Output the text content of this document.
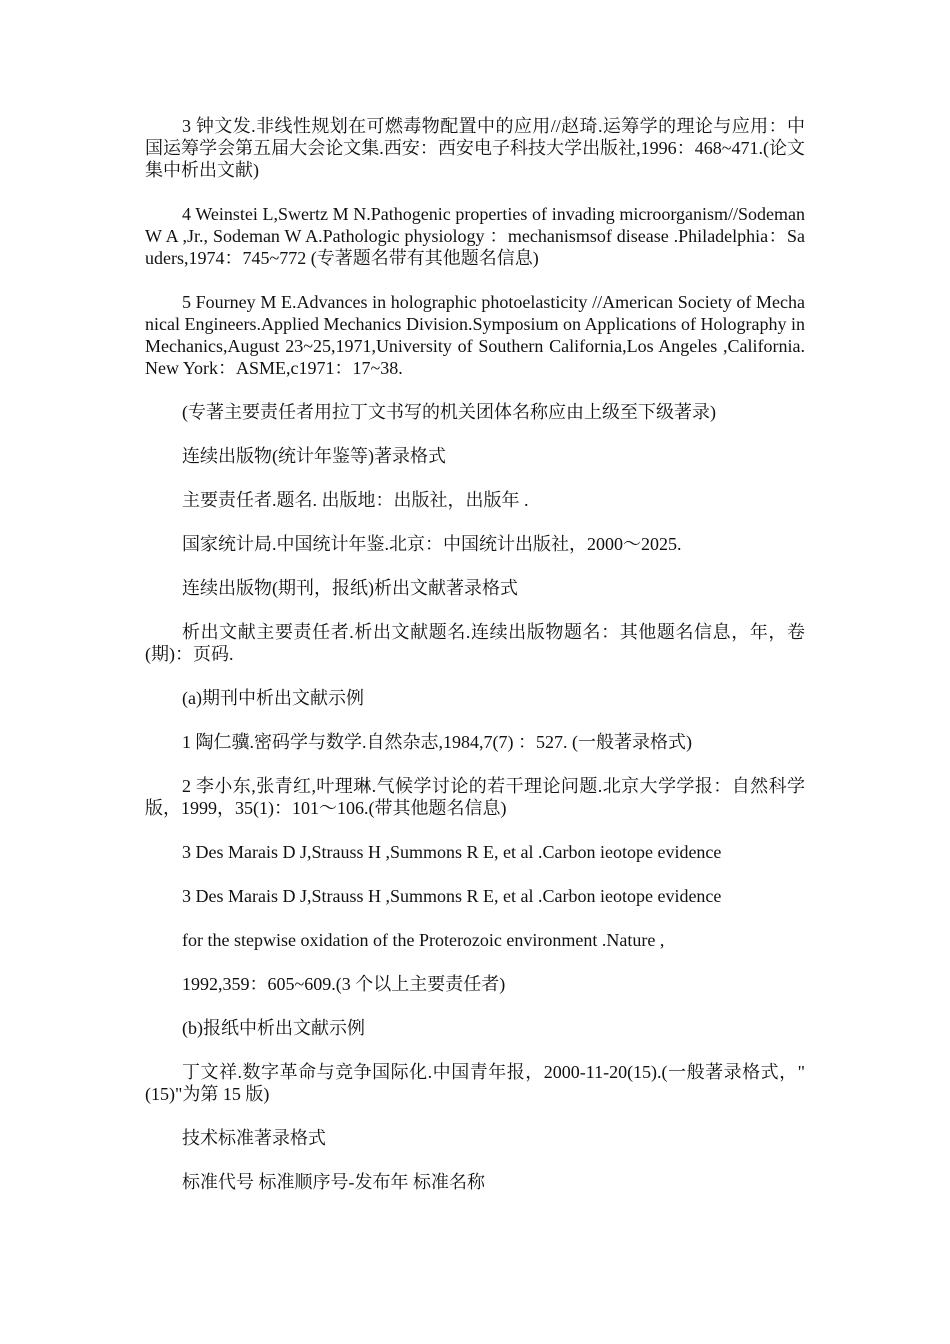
3 钟文发.非线性规划在可燃毒物配置中的应用//赵琦.运筹学的理论与应用：中国运筹学会第五届大会论文集.西安：西安电子科技大学出版社,1996：468~471.(论文集中析出文献)

4 Weinstei L,Swertz M N.Pathogenic properties of invading microorganism//Sodeman W A ,Jr., Sodeman W A.Pathologic physiology ：mechanismsof disease .Philadelphia：Sauders,1974：745~772 (专著题名带有其他题名信息)

5 Fourney M E.Advances in holographic photoelasticity //American Society of Mechanical Engineers.Applied Mechanics Division.Symposium on Applications of Holography in Mechanics,August 23~25,1971,University of Southern California,Los Angeles ,California.New York：ASME,c1971：17~38.

(专著主要责任者用拉丁文书写的机关团体名称应由上级至下级著录)

连续出版物(统计年鉴等)著录格式

主要责任者.题名. 出版地：出版社，出版年 .

国家统计局.中国统计年鉴.北京：中国统计出版社，2000～2025.

连续出版物(期刊，报纸)析出文献著录格式

析出文献主要责任者.析出文献题名.连续出版物题名：其他题名信息，年，卷(期)：页码.

(a)期刊中析出文献示例

1 陶仁骥.密码学与数学.自然杂志,1984,7(7) ：527. (一般著录格式)

2 李小东,张青红,叶理琳.气候学讨论的若干理论问题.北京大学学报：自然科学版，1999，35(1)：101～106.(带其他题名信息)

3 Des Marais D J,Strauss H ,Summons R E, et al .Carbon ieotope evidence

3 Des Marais D J,Strauss H ,Summons R E, et al .Carbon ieotope evidence

for the stepwise oxidation of the Proterozoic environment .Nature ,

1992,359：605~609.(3 个以上主要责任者)

(b)报纸中析出文献示例

丁文祥.数字革命与竞争国际化.中国青年报，2000-11-20(15).(一般著录格式，"(15)"为第 15 版)

技术标准著录格式

标准代号 标准顺序号-发布年 标准名称
